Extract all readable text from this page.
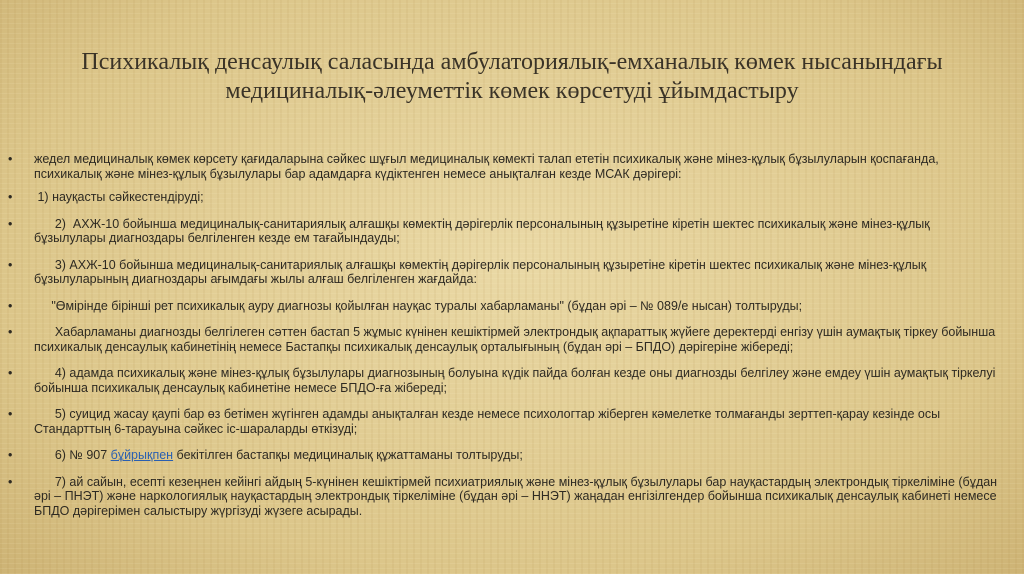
Психикалық денсаулық саласында амбулаториялық-емханалық көмек нысанындағы медициналық-әлеуметтік көмек көрсетуді ұйымдастыру
• жедел медициналық көмек көрсету қағидаларына сәйкес шұғыл медициналық көмекті талап ететін психикалық және мінез-құлық бұзылуларын қоспағанда, психикалық және мінез-құлық бұзылулары бар адамдарға күдіктенген немесе анықталған кезде МСАК дәрігері:
• 1) науқасты сәйкестендіруді;
• 2)  АХЖ-10 бойынша медициналық-санитариялық алғашқы көмектің дәрігерлік персоналының құзыретіне кіретін шектес психикалық және мінез-құлық бұзылулары диагноздары белгіленген кезде ем тағайындауды;
• 3) АХЖ-10 бойынша медициналық-санитариялық алғашқы көмектің дәрігерлік персоналының құзыретіне кіретін шектес психикалық және мінез-құлық бұзылуларының диагноздары ағымдағы жылы алғаш белгіленген жағдайда:
• "Өмірінде бірінші рет психикалық ауру диагнозы қойылған науқас туралы хабарламаны" (бұдан әрі – № 089/е нысан) толтыруды;
• Хабарламаны диагнозды белгілеген сәттен бастап 5 жұмыс күнінен кешіктірмей электрондық ақпараттық жүйеге деректерді енгізу үшін аумақтық тіркеу бойынша психикалық денсаулық кабинетінің немесе Бастапқы психикалық денсаулық орталығының (бұдан әрі – БПДО) дәрігеріне жібереді;
• 4) адамда психикалық және мінез-құлық бұзылулары диагнозының болуына күдік пайда болған кезде оны диагнозды белгілеу және емдеу үшін аумақтық тіркелуі бойынша психикалық денсаулық кабинетіне немесе БПДО-ға жібереді;
• 5) суицид жасау қаупі бар өз бетімен жүгінген адамды анықталған кезде немесе психологтар жіберген кәмелетке толмағанды зерттеп-қарау кезінде осы Стандарттың 6-тарауына сәйкес іс-шараларды өткізуді;
• 6) № 907 бұйрықпен бекітілген бастапқы медициналық құжаттаманы толтыруды;
• 7) ай сайын, есепті кезеңнен кейінгі айдың 5-күнінен кешіктірмей психиатриялық және мінез-құлық бұзылулары бар науқастардың электрондық тіркеліміне (бұдан әрі – ПНЭТ) және наркологиялық науқастардың электрондық тіркеліміне (бұдан әрі – ННЭТ) жаңадан енгізілгендер бойынша психикалық денсаулық кабинеті немесе БПДО дәрігерімен салыстыру жүргізуді жүзеге асырады.
